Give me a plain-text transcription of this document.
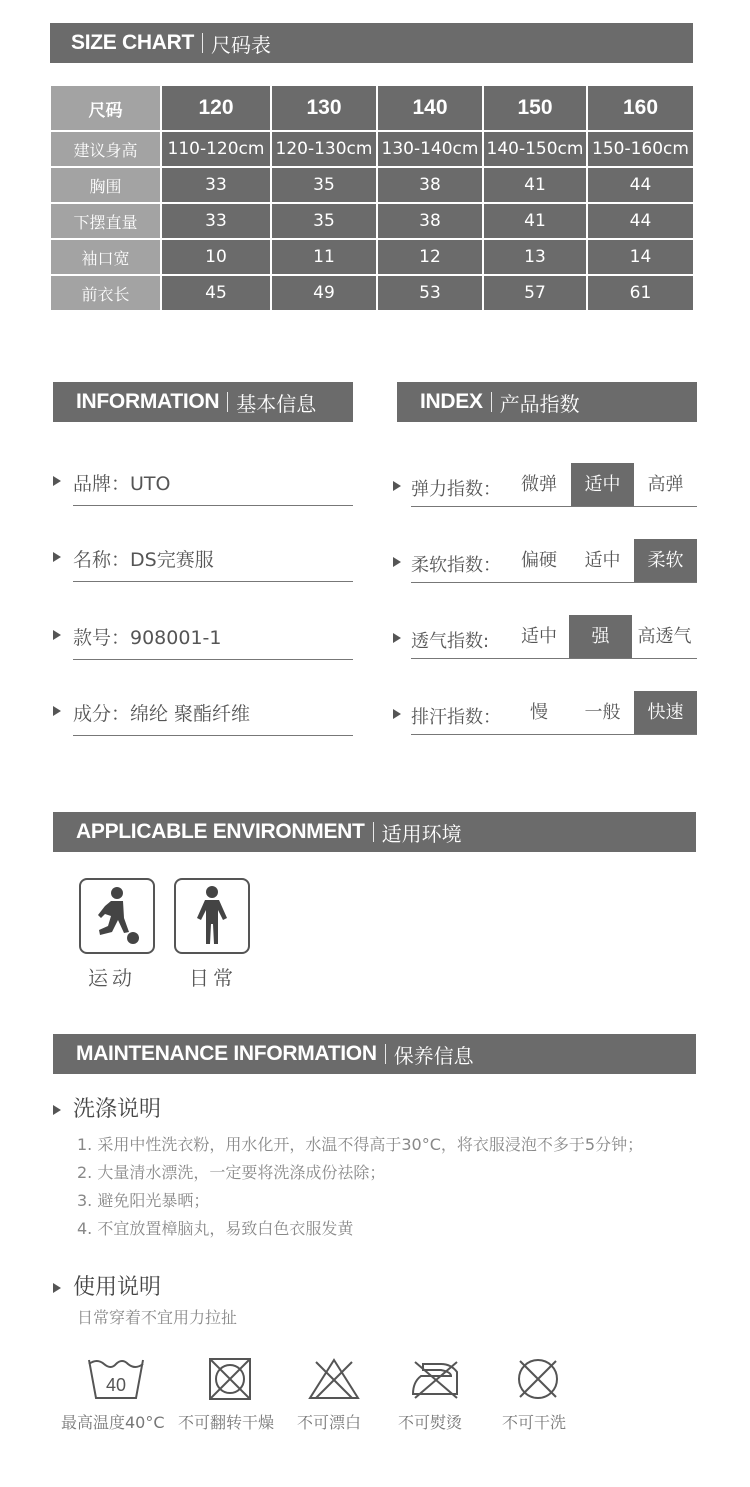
SIZE CHART 尺码表
尺码	120	130	140	150	160
建议身高	110-120cm	120-130cm	130-140cm	140-150cm	150-160cm
胸围	33	35	38	41	44
下摆直量	33	35	38	41	44
袖口宽	10	11	12	13	14
前衣长	45	49	53	57	61
INFORMATION 基本信息
品牌：UTO
名称：DS完赛服
款号：908001-1
成分：绵纶 聚酯纤维
INDEX 产品指数
弹力指数：	微弹	适中	高弹
柔软指数：	偏硬	适中	柔软
透气指数:	适中	强	高透气
排汗指数：	慢	一般	快速
APPLICABLE ENVIRONMENT 适用环境
运动	日常
MAINTENANCE INFORMATION 保养信息
洗涤说明
1. 采用中性洗衣粉，用水化开，水温不得高于30°C，将衣服浸泡不多于5分钟；
2. 大量清水漂洗，一定要将洗涤成份祛除；
3. 避免阳光暴晒；
4. 不宜放置樟脑丸，易致白色衣服发黄
使用说明
日常穿着不宜用力拉扯
40
最高温度40°C 不可翻转干燥 不可漂白 不可熨烫 不可干洗
